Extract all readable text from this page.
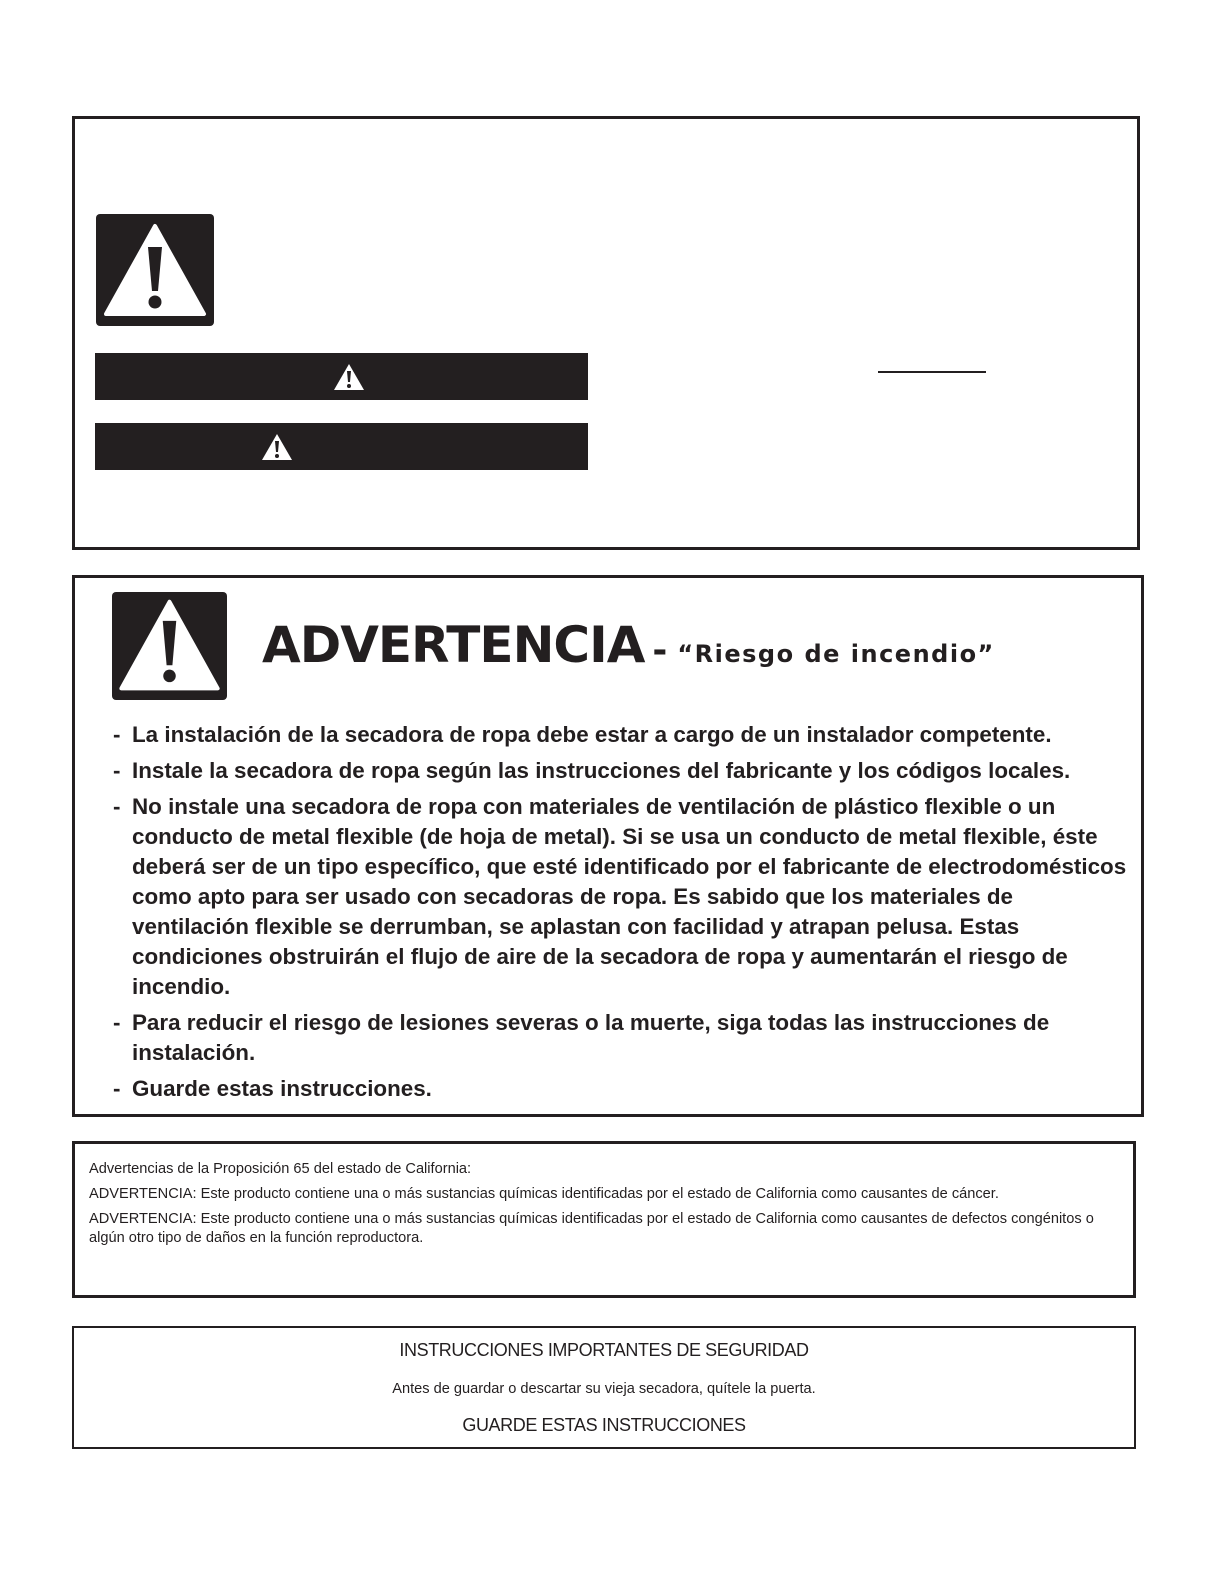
ADVERTENCIA - “Riesgo de incendio”
- La instalación de la secadora de ropa debe estar a cargo de un instalador competente.
- Instale la secadora de ropa según las instrucciones del fabricante y los códigos locales.
- No instale una secadora de ropa con materiales de ventilación de plástico flexible o un conducto de metal flexible (de hoja de metal). Si se usa un conducto de metal flexible, éste deberá ser de un tipo específico, que esté identificado por el fabricante de electrodomésticos como apto para ser usado con secadoras de ropa. Es sabido que los materiales de ventilación flexible se derrumban, se aplastan con facilidad y atrapan pelusa. Estas condiciones obstruirán el flujo de aire de la secadora de ropa y aumentarán el riesgo de incendio.
- Para reducir el riesgo de lesiones severas o la muerte, siga todas las instrucciones de instalación.
- Guarde estas instrucciones.

Advertencias de la Proposición 65 del estado de California:

ADVERTENCIA: Este producto contiene una o más sustancias químicas identificadas por el estado de California como causantes de cáncer.

ADVERTENCIA: Este producto contiene una o más sustancias químicas identificadas por el estado de California como causantes de defectos congénitos o algún otro tipo de daños en la función reproductora.

INSTRUCCIONES IMPORTANTES DE SEGURIDAD
Antes de guardar o descartar su vieja secadora, quítele la puerta.
GUARDE ESTAS INSTRUCCIONES
